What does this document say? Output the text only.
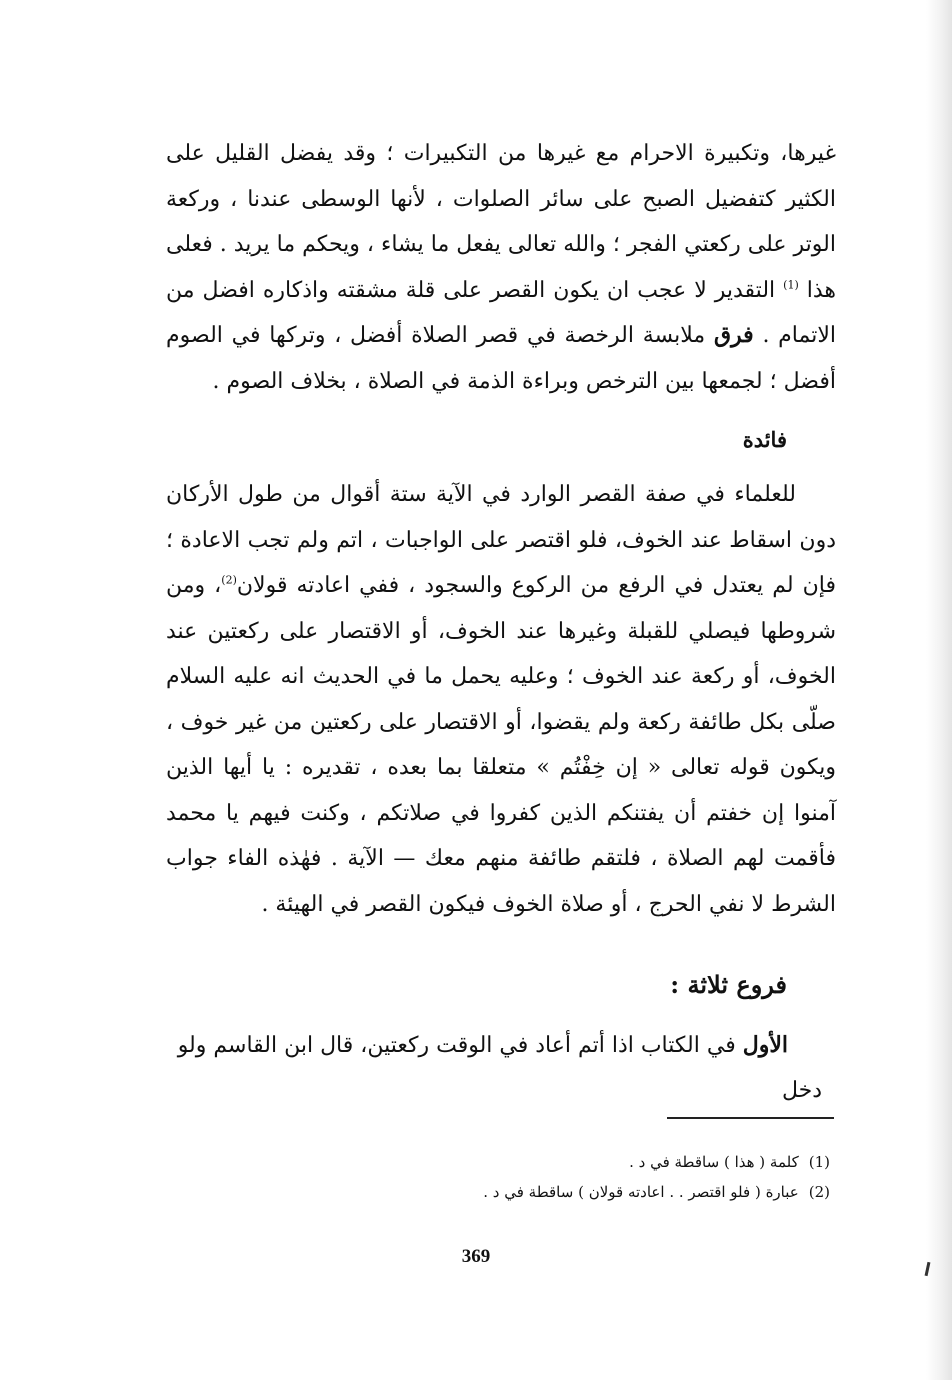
غيرها، وتكبيرة الاحرام مع غيرها من التكبيرات ؛ وقد يفضل القليل على الكثير كتفضيل الصبح على سائر الصلوات ، لأنها الوسطى عندنا ، وركعة الوتر على ركعتي الفجر ؛ والله تعالى يفعل ما يشاء ، ويحكم ما يريد . فعلى هذا $^{(1)}$ التقدير لا عجب ان يكون القصر على قلة مشقته واذكاره افضل من الاتمام . فرق ملابسة الرخصة في قصر الصلاة أفضل ، وتركها في الصوم أفضل ؛ لجمعها بين الترخص وبراءة الذمة في الصلاة ، بخلاف الصوم .
فائدة
للعلماء في صفة القصر الوارد في الآية ستة أقوال من طول الأركان دون اسقاط عند الخوف، فلو اقتصر على الواجبات ، اتم ولم تجب الاعادة ؛ فإن لم يعتدل في الرفع من الركوع والسجود ، ففي اعادته قولان$^{(2)}$، ومن شروطها فيصلي للقبلة وغيرها عند الخوف، أو الاقتصار على ركعتين عند الخوف، أو ركعة عند الخوف ؛ وعليه يحمل ما في الحديث انه عليه السلام صلّى بكل طائفة ركعة ولم يقضوا، أو الاقتصار على ركعتين من غير خوف ، ويكون قوله تعالى « إن خِفْتُم » متعلقا بما بعده ، تقديره : يا أيها الذين آمنوا إن خفتم أن يفتنكم الذين كفروا في صلاتكم ، وكنت فيهم يا محمد فأقمت لهم الصلاة ، فلتقم طائفة منهم معك — الآية . فهٰذه الفاء جواب الشرط لا نفي الحرج ، أو صلاة الخوف فيكون القصر في الهيئة .
فروع ثلاثة :
الأول في الكتاب اذا أتم أعاد في الوقت ركعتين، قال ابن القاسم ولو دخل
(1)كلمة ( هذا ) ساقطة في د .
(2)عبارة ( فلو اقتصر . . اعادته قولان ) ساقطة في د .
369
